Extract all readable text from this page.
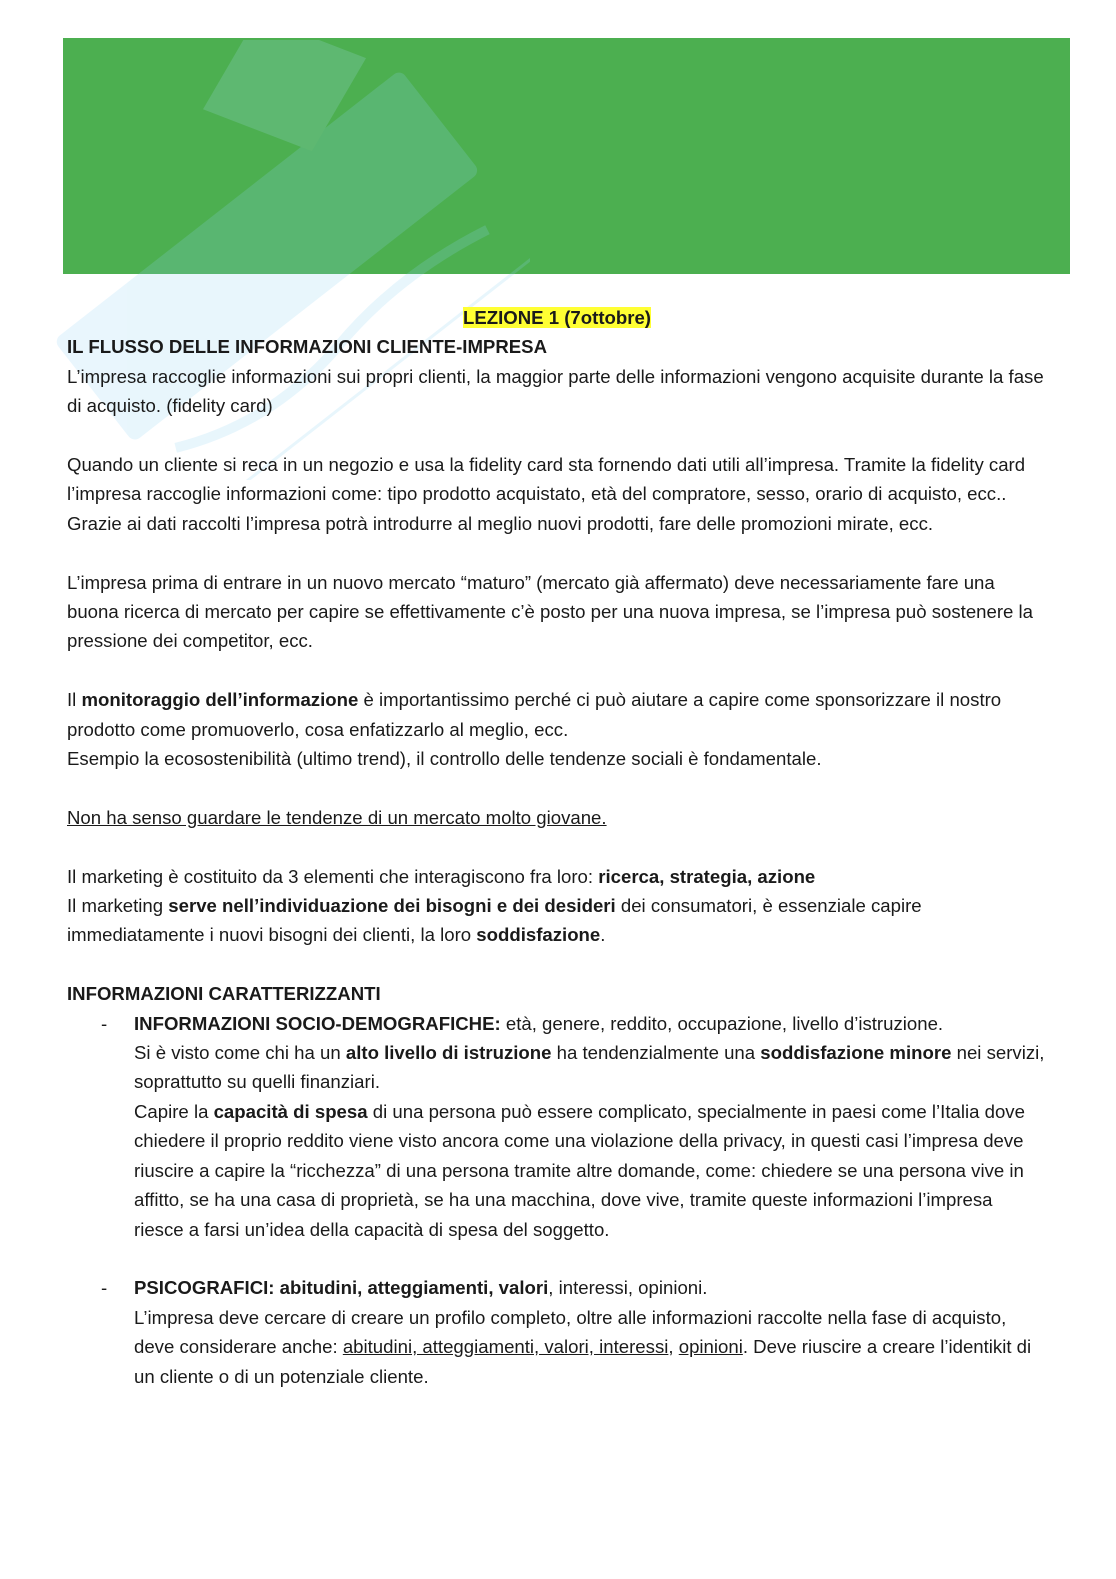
LEZIONE 1 (7ottobre)

IL FLUSSO DELLE INFORMAZIONI CLIENTE-IMPRESA

L’impresa raccoglie informazioni sui propri clienti, la maggior parte delle informazioni vengono acquisite durante la fase di acquisto. (fidelity card)

Quando un cliente si reca in un negozio e usa la fidelity card sta fornendo dati utili all’impresa. Tramite la fidelity card l’impresa raccoglie informazioni come: tipo prodotto acquistato, età del compratore, sesso, orario di acquisto, ecc..

Grazie ai dati raccolti l’impresa potrà introdurre al meglio nuovi prodotti, fare delle promozioni mirate, ecc.

L’impresa prima di entrare in un nuovo mercato “maturo” (mercato già affermato) deve necessariamente fare una buona ricerca di mercato per capire se effettivamente c’è posto per una nuova impresa, se l’impresa può sostenere la pressione dei competitor, ecc.

Il monitoraggio dell’informazione è importantissimo perché ci può aiutare a capire come sponsorizzare il nostro prodotto come promuoverlo, cosa enfatizzarlo al meglio, ecc.

Esempio la ecosostenibilità (ultimo trend), il controllo delle tendenze sociali è fondamentale.

Non ha senso guardare le tendenze di un mercato molto giovane.

Il marketing è costituito da 3 elementi che interagiscono fra loro: ricerca, strategia, azione

Il marketing serve nell’individuazione dei bisogni e dei desideri dei consumatori, è essenziale capire immediatamente i nuovi bisogni dei clienti, la loro soddisfazione.

INFORMAZIONI CARATTERIZZANTI

- INFORMAZIONI SOCIO-DEMOGRAFICHE: età, genere, reddito, occupazione, livello d’istruzione.

Si è visto come chi ha un alto livello di istruzione ha tendenzialmente una soddisfazione minore nei servizi, soprattutto su quelli finanziari.

Capire la capacità di spesa di una persona può essere complicato, specialmente in paesi come l’Italia dove chiedere il proprio reddito viene visto ancora come una violazione della privacy, in questi casi l’impresa deve riuscire a capire la “ricchezza” di una persona tramite altre domande, come: chiedere se una persona vive in affitto, se ha una casa di proprietà, se ha una macchina, dove vive, tramite queste informazioni l’impresa riesce a farsi un’idea della capacità di spesa del soggetto.

- PSICOGRAFICI: abitudini, atteggiamenti, valori, interessi, opinioni.

L’impresa deve cercare di creare un profilo completo, oltre alle informazioni raccolte nella fase di acquisto, deve considerare anche: abitudini, atteggiamenti, valori, interessi, opinioni. Deve riuscire a creare l’identikit di un cliente o di un potenziale cliente.
